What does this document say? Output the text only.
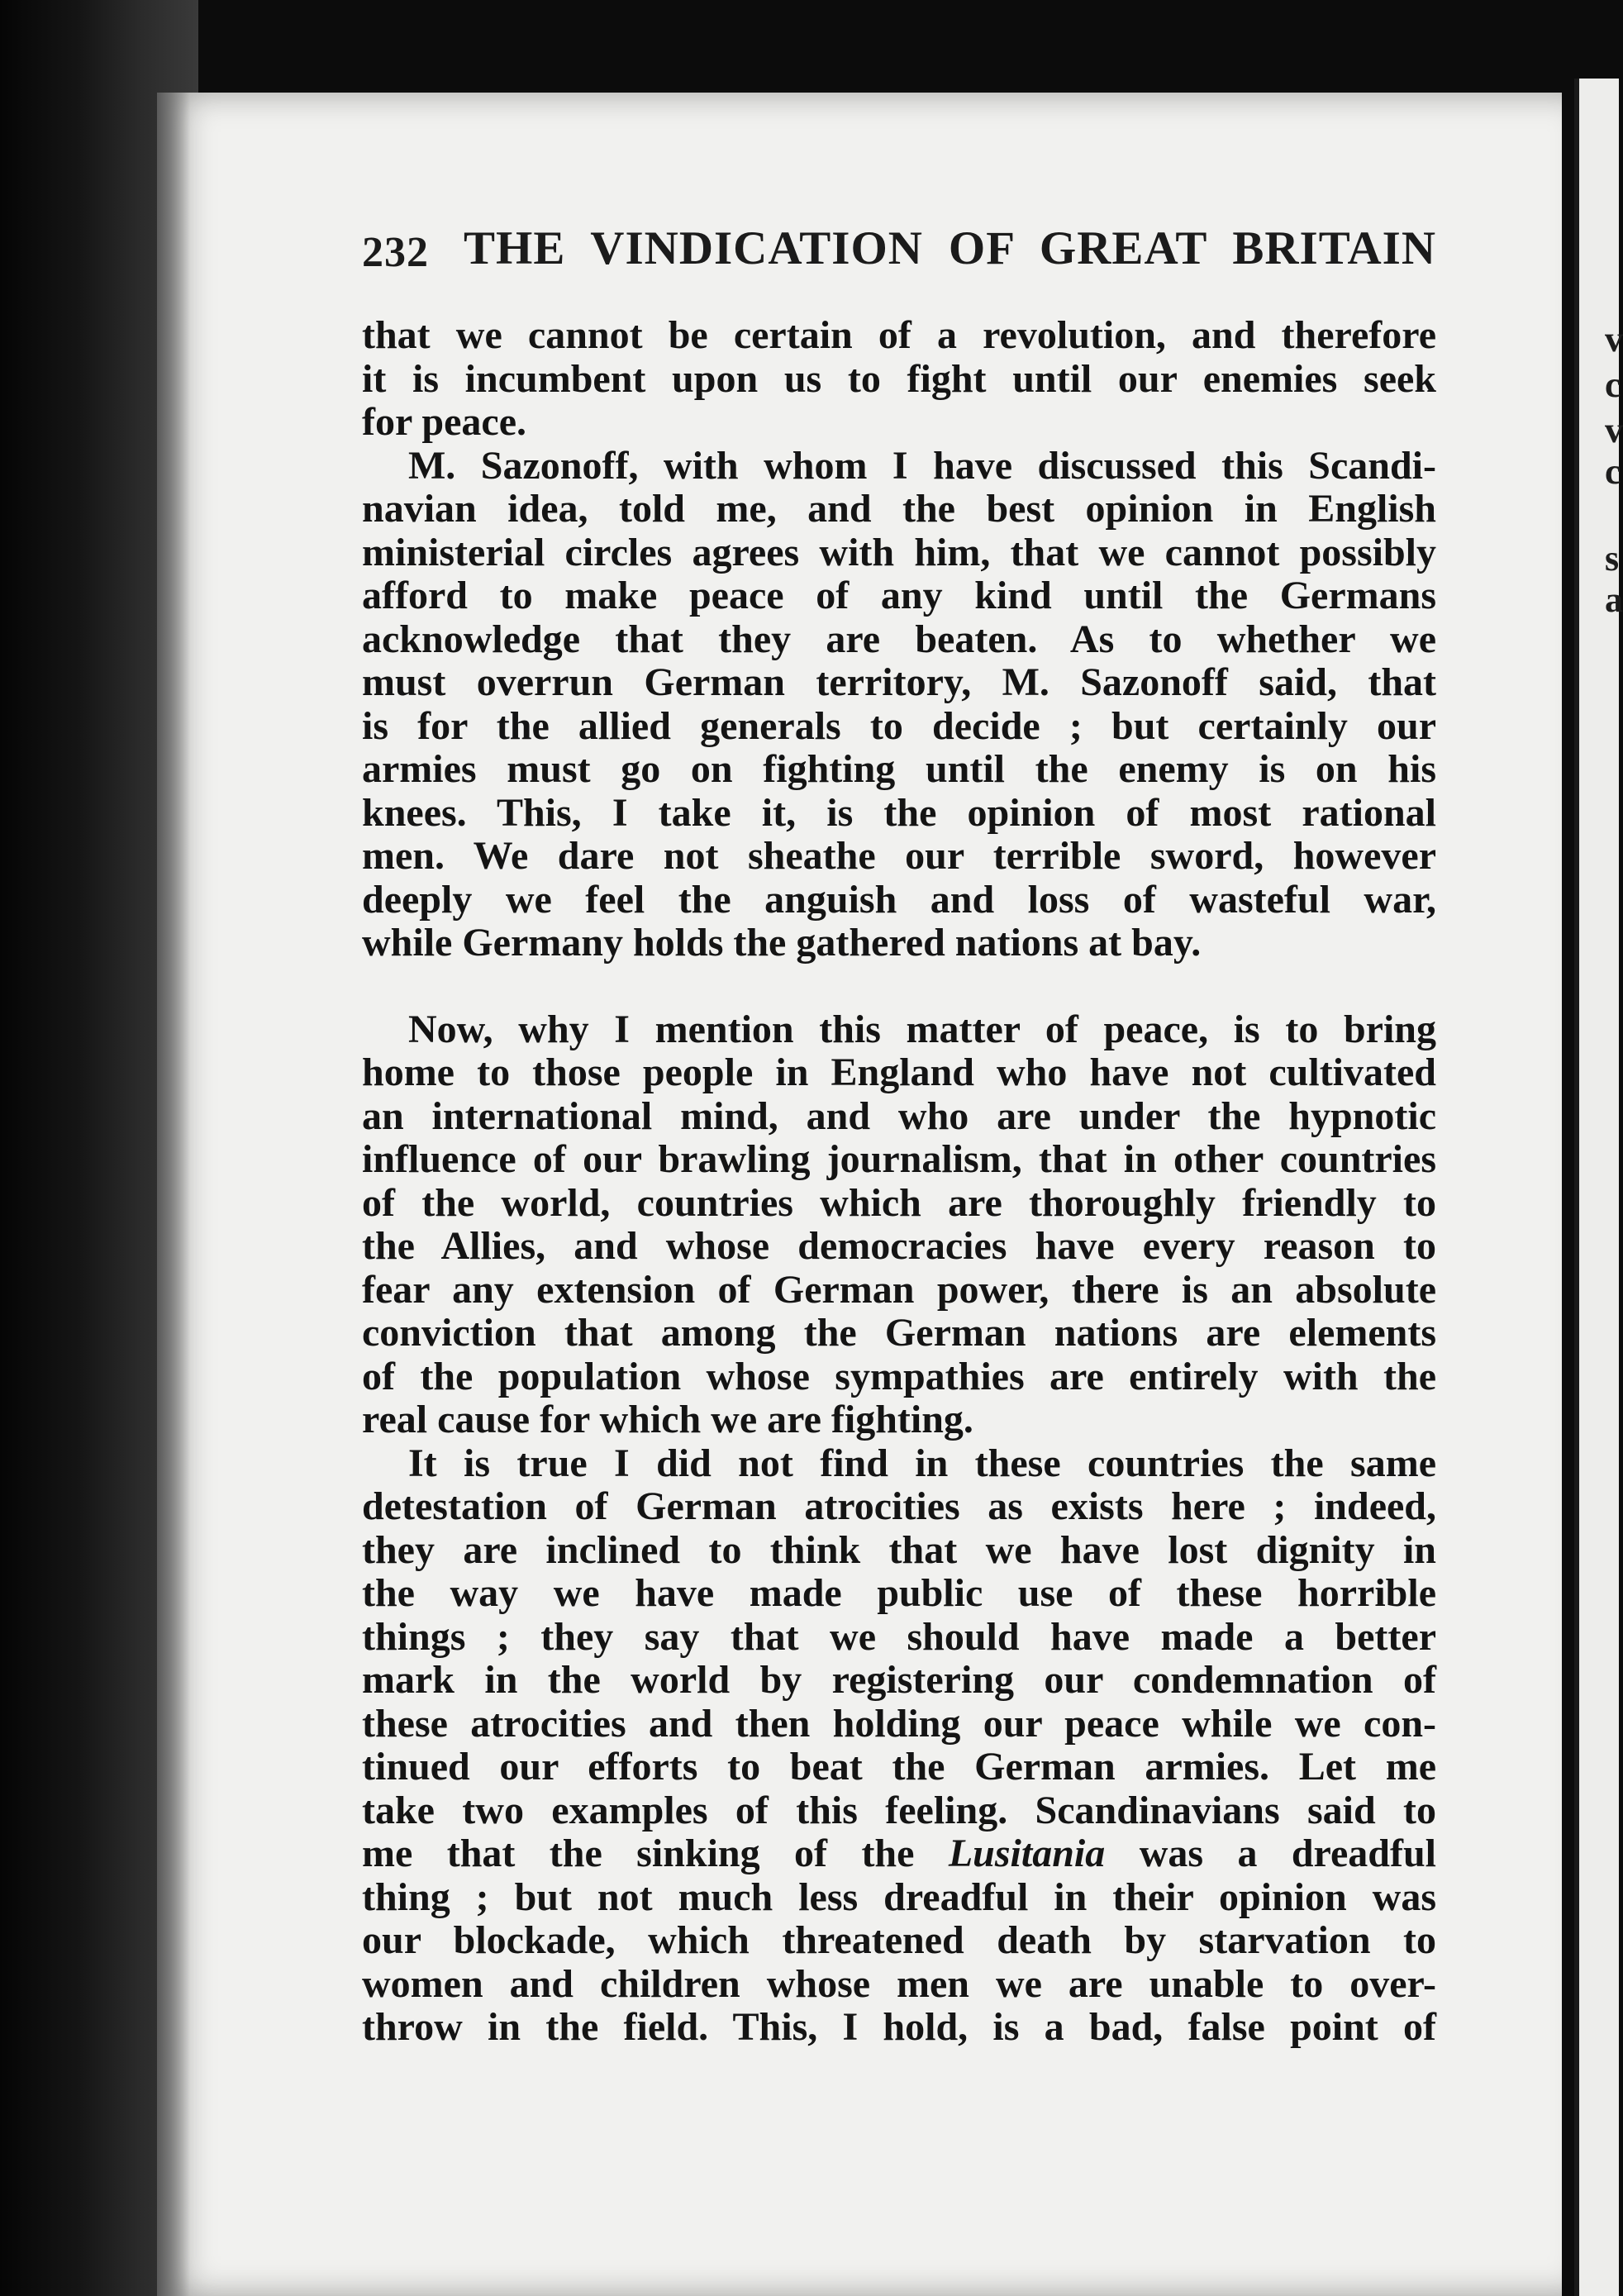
v
c
v
c
s
a
232 THE VINDICATION OF GREAT BRITAIN
that we cannot be certain of a revolution, and therefore
it is incumbent upon us to fight until our enemies seek
for peace.
M. Sazonoff, with whom I have discussed this Scandi-
navian idea, told me, and the best opinion in English
ministerial circles agrees with him, that we cannot possibly
afford to make peace of any kind until the Germans
acknowledge that they are beaten. As to whether we
must overrun German territory, M. Sazonoff said, that
is for the allied generals to decide ; but certainly our
armies must go on fighting until the enemy is on his
knees. This, I take it, is the opinion of most rational
men. We dare not sheathe our terrible sword, however
deeply we feel the anguish and loss of wasteful war,
while Germany holds the gathered nations at bay.
Now, why I mention this matter of peace, is to bring
home to those people in England who have not cultivated
an international mind, and who are under the hypnotic
influence of our brawling journalism, that in other countries
of the world, countries which are thoroughly friendly to
the Allies, and whose democracies have every reason to
fear any extension of German power, there is an absolute
conviction that among the German nations are elements
of the population whose sympathies are entirely with the
real cause for which we are fighting.
It is true I did not find in these countries the same
detestation of German atrocities as exists here ; indeed,
they are inclined to think that we have lost dignity in
the way we have made public use of these horrible
things ; they say that we should have made a better
mark in the world by registering our condemnation of
these atrocities and then holding our peace while we con-
tinued our efforts to beat the German armies. Let me
take two examples of this feeling. Scandinavians said to
me that the sinking of the Lusitania was a dreadful
thing ; but not much less dreadful in their opinion was
our blockade, which threatened death by starvation to
women and children whose men we are unable to over-
throw in the field. This, I hold, is a bad, false point of
